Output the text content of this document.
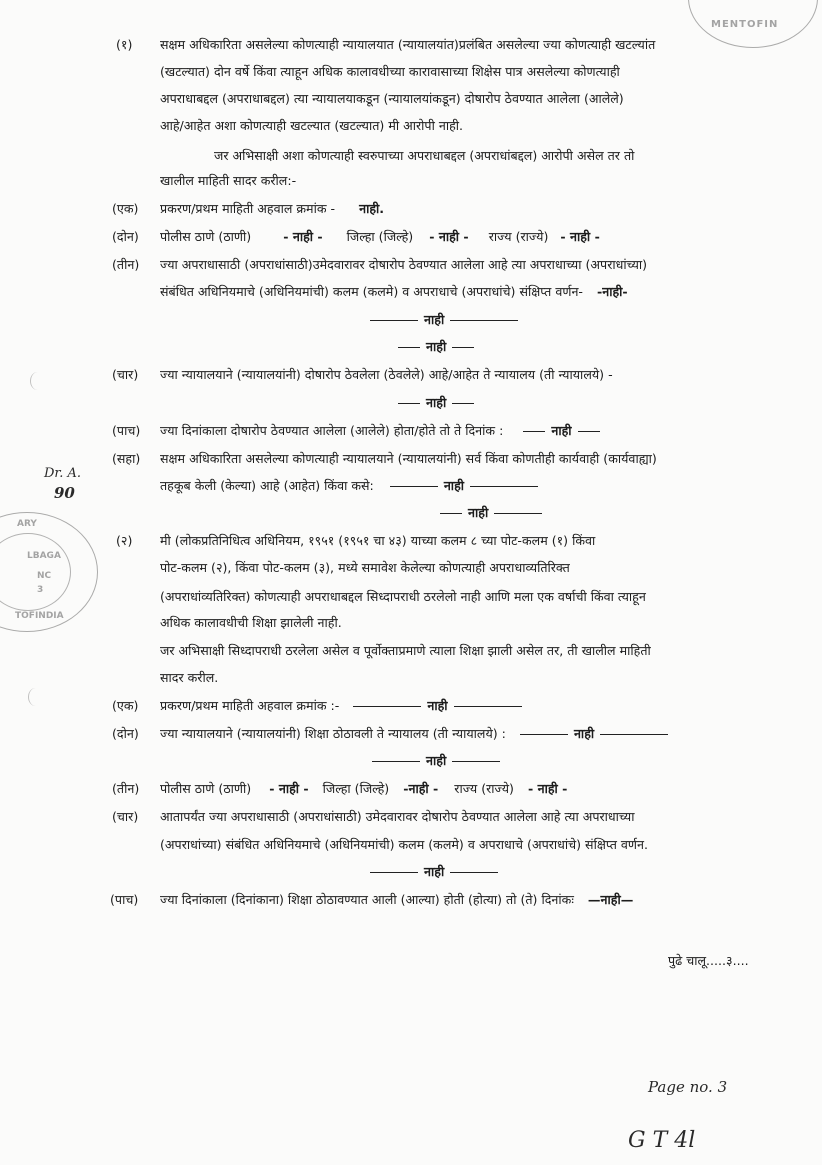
MENTOFIN
ARY
LBAGA
NC
3
TOFINDIA
Dr. A.
90
(१) सक्षम अधिकारिता असलेल्या कोणत्याही न्यायालयात (न्यायालयांत)प्रलंबित असलेल्या ज्या कोणत्याही खटल्यांत
(खटल्यात) दोन वर्षे किंवा त्याहून अधिक कालावधीच्या कारावासाच्या शिक्षेस पात्र असलेल्या कोणत्याही
अपराधाबद्दल (अपराधाबद्दल) त्या न्यायालयाकडून (न्यायालयांकडून) दोषारोप ठेवण्यात आलेला (आलेले)
आहे/आहेत अशा कोणत्याही खटल्यात (खटल्यात) मी आरोपी नाही.
जर अभिसाक्षी अशा कोणत्याही स्वरुपाच्या अपराधाबद्दल (अपराधांबद्दल) आरोपी असेल तर तो
खालील माहिती सादर करील:-
(एक) प्रकरण/प्रथम माहिती अहवाल क्रमांक - नाही.
(दोन) पोलीस ठाणे (ठाणी)	- नाही - जिल्हा (जिल्हे) - नाही - राज्य (राज्ये) - नाही -
(तीन) ज्या अपराधासाठी (अपराधांसाठी)उमेदवारावर दोषारोप ठेवण्यात आलेला आहे त्या अपराधाच्या (अपराधांच्या)
संबंधित अधिनियमाचे (अधिनियमांची) कलम (कलमे) व अपराधाचे (अपराधांचे) संक्षिप्त वर्णन- -नाही-
नाही
नाही
(चार) ज्या न्यायालयाने (न्यायालयांनी) दोषारोप ठेवलेला (ठेवलेले) आहे/आहेत ते न्यायालय (ती न्यायालये) -
नाही
(पाच) ज्या दिनांकाला दोषारोप ठेवण्यात आलेला (आलेले) होता/होते तो ते दिनांक :	नाही
(सहा) सक्षम अधिकारिता असलेल्या कोणत्याही न्यायालयाने (न्यायालयांनी) सर्व किंवा कोणतीही कार्यवाही (कार्यवाह्या)
तहकूब केली (केल्या) आहे (आहेत) किंवा कसे:	नाही
नाही
(२) मी (लोकप्रतिनिधित्व अधिनियम, १९५१ (१९५१ चा ४३) याच्या कलम ८ च्या पोट-कलम (१) किंवा
पोट-कलम (२), किंवा पोट-कलम (३), मध्ये समावेश केलेल्या कोणत्याही अपराधाव्यतिरिक्त
(अपराधांव्यतिरिक्त) कोणत्याही अपराधाबद्दल सिध्दापराधी ठरलेलो नाही आणि मला एक वर्षाची किंवा त्याहून
अधिक कालावधीची शिक्षा झालेली नाही.
जर अभिसाक्षी सिध्दापराधी ठरलेला असेल व पूर्वोक्ताप्रमाणे त्याला शिक्षा झाली असेल तर, ती खालील माहिती
सादर करील.
(एक) प्रकरण/प्रथम माहिती अहवाल क्रमांक :-	नाही
(दोन) ज्या न्यायालयाने (न्यायालयांनी) शिक्षा ठोठावली ते न्यायालय (ती न्यायालये) :	नाही
नाही
(तीन) पोलीस ठाणे (ठाणी) - नाही - जिल्हा (जिल्हे) -नाही - राज्य (राज्ये) - नाही -
(चार) आतापर्यंत ज्या अपराधासाठी (अपराधांसाठी) उमेदवारावर दोषारोप ठेवण्यात आलेला आहे त्या अपराधाच्या
(अपराधांच्या) संबंधित अधिनियमाचे (अधिनियमांची) कलम (कलमे) व अपराधाचे (अपराधांचे) संक्षिप्त वर्णन.
नाही
(पाच) ज्या दिनांकाला (दिनांकाना) शिक्षा ठोठावण्यात आली (आल्या) होती (होत्या) तो (ते) दिनांकः —नाही—
पुढे चालू.....३....
Page no. 3
G T 4l
